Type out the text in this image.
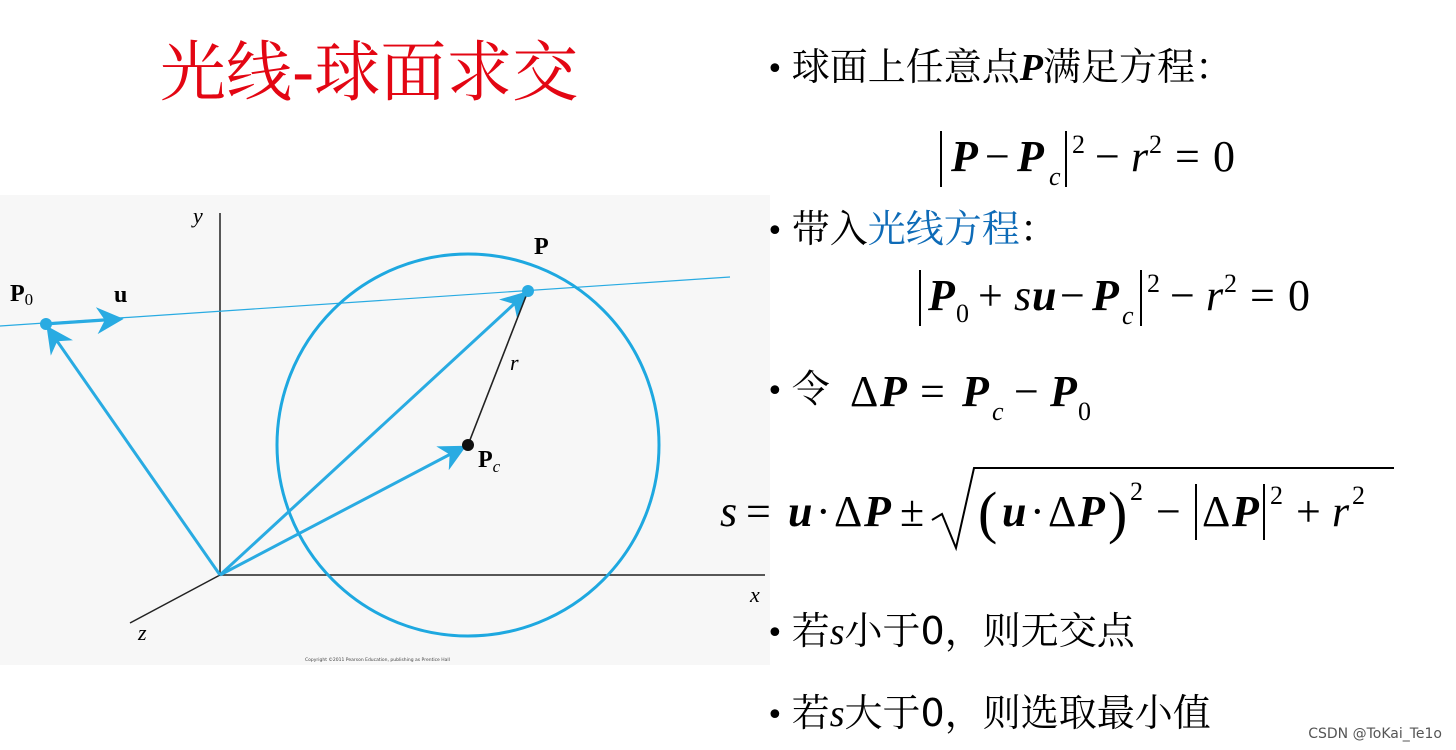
光线-球面求交
y
x
z
P0	u
P
$P_c$
r
Copyright ©2011 Pearson Education, publishing as Prentice Hall
• 球面上任意点P满足方程：
P − P c
2 − r 2 = 0
• 带入光线方程：
P 0 + s u − P c
2 − r 2 = 0
• 令 Δ P = P c − P 0
s = u · Δ P ± ( u · Δ P ) 2 − Δ P 2 + r 2
• 若s小于0，则无交点
• 若s大于0，则选取最小值	CSDN @ToKai_Te1o
